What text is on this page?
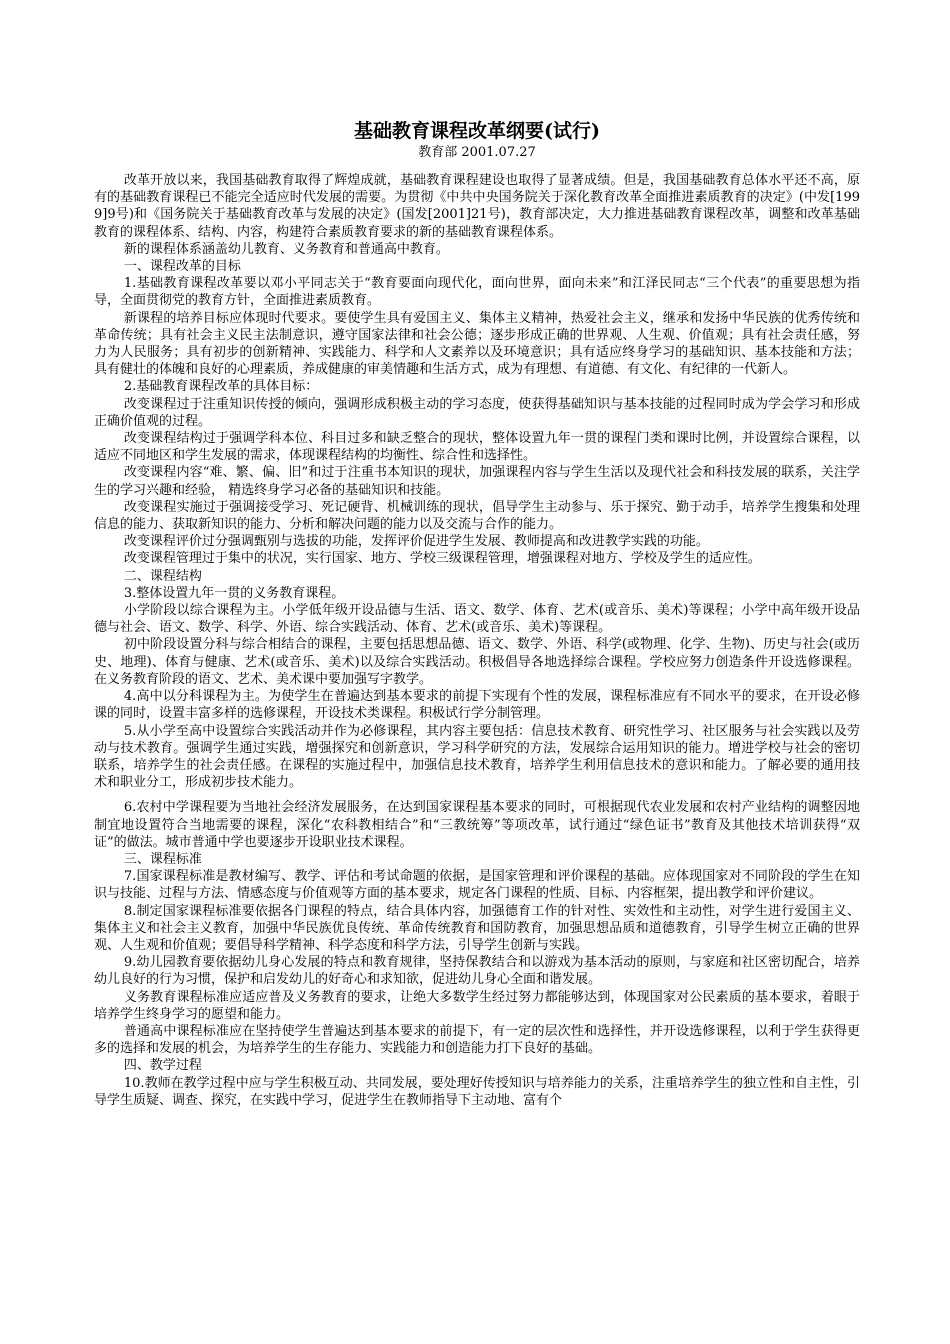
基础教育课程改革纲要(试行)
教育部 2001.07.27

改革开放以来，我国基础教育取得了辉煌成就，基础教育课程建设也取得了显著成绩。但是，我国基础教育总体水平还不高，原有的基础教育课程已不能完全适应时代发展的需要。为贯彻《中共中央国务院关于深化教育改革全面推进素质教育的决定》(中发[1999]9号)和《国务院关于基础教育改革与发展的决定》(国发[2001]21号)，教育部决定，大力推进基础教育课程改革，调整和改革基础教育的课程体系、结构、内容，构建符合素质教育要求的新的基础教育课程体系。

新的课程体系涵盖幼儿教育、义务教育和普通高中教育。

一、课程改革的目标

1.基础教育课程改革要以邓小平同志关于“教育要面向现代化，面向世界，面向未来”和江泽民同志“三个代表”的重要思想为指导，全面贯彻党的教育方针，全面推进素质教育。

新课程的培养目标应体现时代要求。要使学生具有爱国主义、集体主义精神，热爱社会主义，继承和发扬中华民族的优秀传统和革命传统；具有社会主义民主法制意识，遵守国家法律和社会公德；逐步形成正确的世界观、人生观、价值观；具有社会责任感，努力为人民服务；具有初步的创新精神、实践能力、科学和人文素养以及环境意识；具有适应终身学习的基础知识、基本技能和方法；具有健壮的体魄和良好的心理素质，养成健康的审美情趣和生活方式，成为有理想、有道德、有文化、有纪律的一代新人。

2.基础教育课程改革的具体目标：

改变课程过于注重知识传授的倾向，强调形成积极主动的学习态度，使获得基础知识与基本技能的过程同时成为学会学习和形成正确价值观的过程。

改变课程结构过于强调学科本位、科目过多和缺乏整合的现状，整体设置九年一贯的课程门类和课时比例，并设置综合课程，以适应不同地区和学生发展的需求，体现课程结构的均衡性、综合性和选择性。

改变课程内容“难、繁、偏、旧”和过于注重书本知识的现状，加强课程内容与学生生活以及现代社会和科技发展的联系，关注学生的学习兴趣和经验， 精选终身学习必备的基础知识和技能。

改变课程实施过于强调接受学习、死记硬背、机械训练的现状，倡导学生主动参与、乐于探究、勤于动手，培养学生搜集和处理信息的能力、获取新知识的能力、分析和解决问题的能力以及交流与合作的能力。

改变课程评价过分强调甄别与选拔的功能，发挥评价促进学生发展、教师提高和改进教学实践的功能。

改变课程管理过于集中的状况，实行国家、地方、学校三级课程管理，增强课程对地方、学校及学生的适应性。

二、课程结构

3.整体设置九年一贯的义务教育课程。

小学阶段以综合课程为主。小学低年级开设品德与生活、语文、数学、体育、艺术(或音乐、美术)等课程；小学中高年级开设品德与社会、语文、数学、科学、外语、综合实践活动、体育、艺术(或音乐、美术)等课程。

初中阶段设置分科与综合相结合的课程，主要包括思想品德、语文、数学、外语、科学(或物理、化学、生物)、历史与社会(或历史、地理)、体育与健康、艺术(或音乐、美术)以及综合实践活动。积极倡导各地选择综合课程。学校应努力创造条件开设选修课程。在义务教育阶段的语文、艺术、美术课中要加强写字教学。

4.高中以分科课程为主。为使学生在普遍达到基本要求的前提下实现有个性的发展，课程标准应有不同水平的要求，在开设必修课的同时，设置丰富多样的选修课程，开设技术类课程。积极试行学分制管理。

5.从小学至高中设置综合实践活动并作为必修课程，其内容主要包括：信息技术教育、研究性学习、社区服务与社会实践以及劳动与技术教育。强调学生通过实践，增强探究和创新意识，学习科学研究的方法，发展综合运用知识的能力。增进学校与社会的密切联系，培养学生的社会责任感。在课程的实施过程中，加强信息技术教育，培养学生利用信息技术的意识和能力。了解必要的通用技术和职业分工，形成初步技术能力。

6.农村中学课程要为当地社会经济发展服务，在达到国家课程基本要求的同时，可根据现代农业发展和农村产业结构的调整因地制宜地设置符合当地需要的课程，深化“农科教相结合”和“三教统筹”等项改革，试行通过“绿色证书”教育及其他技术培训获得“双证”的做法。城市普通中学也要逐步开设职业技术课程。

三、课程标准

7.国家课程标准是教材编写、教学、评估和考试命题的依据，是国家管理和评价课程的基础。应体现国家对不同阶段的学生在知识与技能、过程与方法、情感态度与价值观等方面的基本要求，规定各门课程的性质、目标、内容框架，提出教学和评价建议。

8.制定国家课程标准要依据各门课程的特点，结合具体内容，加强德育工作的针对性、实效性和主动性，对学生进行爱国主义、集体主义和社会主义教育，加强中华民族优良传统、革命传统教育和国防教育，加强思想品质和道德教育，引导学生树立正确的世界观、人生观和价值观；要倡导科学精神、科学态度和科学方法，引导学生创新与实践。

9.幼儿园教育要依据幼儿身心发展的特点和教育规律，坚持保教结合和以游戏为基本活动的原则，与家庭和社区密切配合，培养幼儿良好的行为习惯，保护和启发幼儿的好奇心和求知欲，促进幼儿身心全面和谐发展。

义务教育课程标准应适应普及义务教育的要求，让绝大多数学生经过努力都能够达到，体现国家对公民素质的基本要求，着眼于培养学生终身学习的愿望和能力。

普通高中课程标准应在坚持使学生普遍达到基本要求的前提下，有一定的层次性和选择性，并开设选修课程，以利于学生获得更多的选择和发展的机会，为培养学生的生存能力、实践能力和创造能力打下良好的基础。

四、教学过程

10.教师在教学过程中应与学生积极互动、共同发展，要处理好传授知识与培养能力的关系，注重培养学生的独立性和自主性，引导学生质疑、调查、探究，在实践中学习，促进学生在教师指导下主动地、富有个
